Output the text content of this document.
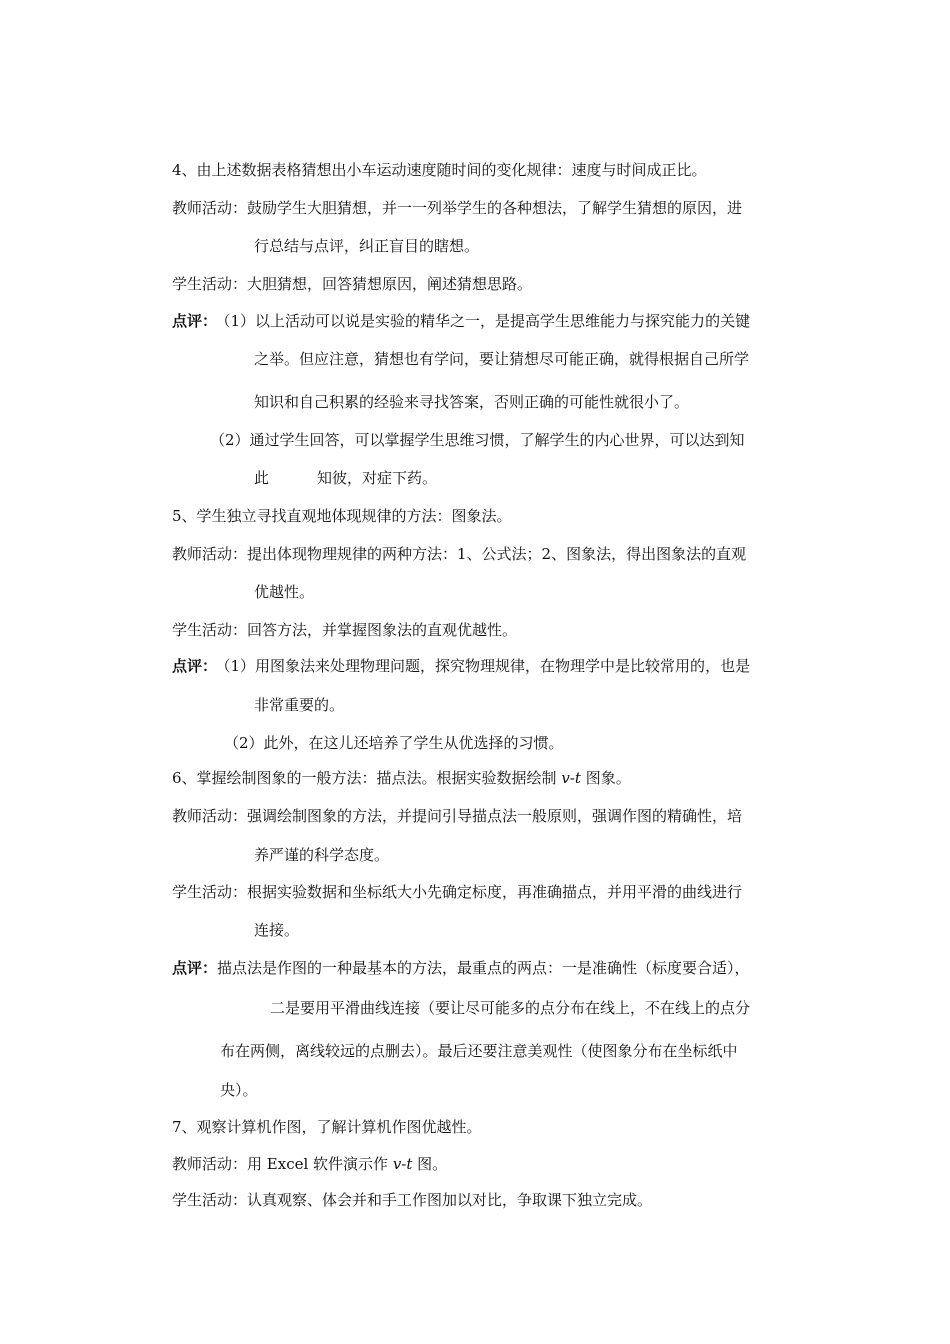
4、由上述数据表格猜想出小车运动速度随时间的变化规律：速度与时间成正比。
教师活动：鼓励学生大胆猜想，并一一列举学生的各种想法，了解学生猜想的原因，进
行总结与点评，纠正盲目的瞎想。
学生活动：大胆猜想，回答猜想原因，阐述猜想思路。
点评： （1）以上活动可以说是实验的精华之一，是提高学生思维能力与探究能力的关键
之举。但应注意，猜想也有学问，要让猜想尽可能正确，就得根据自己所学
知识和自己积累的经验来寻找答案，否则正确的可能性就很小了。
（2）通过学生回答，可以掌握学生思维习惯，了解学生的内心世界，可以达到知
此	知彼，对症下药。
5、学生独立寻找直观地体现规律的方法：图象法。
教师活动：提出体现物理规律的两种方法：1、公式法；2、图象法，得出图象法的直观
优越性。
学生活动：回答方法，并掌握图象法的直观优越性。
点评： （1）用图象法来处理物理问题，探究物理规律，在物理学中是比较常用的，也是
非常重要的。
（2）此外，在这儿还培养了学生从优选择的习惯。
6、掌握绘制图象的一般方法：描点法。根据实验数据绘制 v-t 图象。
教师活动：强调绘制图象的方法，并提问引导描点法一般原则，强调作图的精确性，培
养严谨的科学态度。
学生活动：根据实验数据和坐标纸大小先确定标度，再准确描点，并用平滑的曲线进行
连接。
点评：描点法是作图的一种最基本的方法，最重点的两点：一是准确性（标度要合适），
二是要用平滑曲线连接（要让尽可能多的点分布在线上，不在线上的点分
布在两侧，离线较远的点删去）。最后还要注意美观性（使图象分布在坐标纸中
央）。
7、观察计算机作图，了解计算机作图优越性。
教师活动：用 Excel 软件演示作 v-t 图。
学生活动：认真观察、体会并和手工作图加以对比，争取课下独立完成。
